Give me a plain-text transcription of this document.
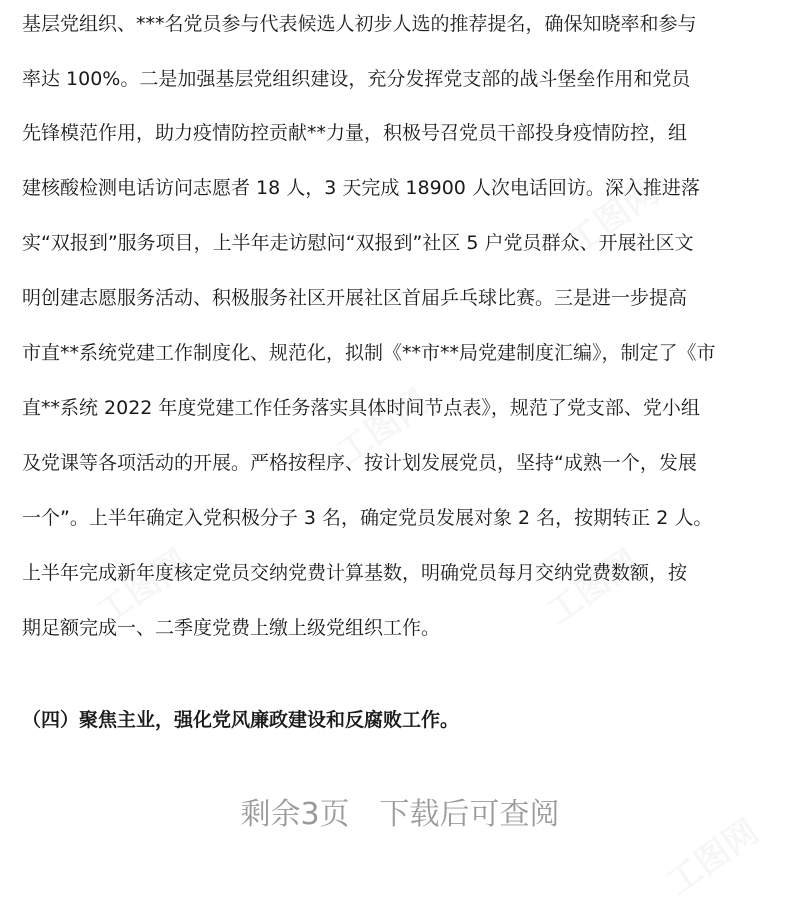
基层党组织、***名党员参与代表候选人初步人选的推荐提名，确保知晓率和参与
率达 100%。二是加强基层党组织建设，充分发挥党支部的战斗堡垒作用和党员
先锋模范作用，助力疫情防控贡献**力量，积极号召党员干部投身疫情防控，组
建核酸检测电话访问志愿者 18 人，3 天完成 18900 人次电话回访。深入推进落
实“双报到”服务项目，上半年走访慰问“双报到”社区 5 户党员群众、开展社区文
明创建志愿服务活动、积极服务社区开展社区首届乒乓球比赛。三是进一步提高
市直**系统党建工作制度化、规范化，拟制《**市**局党建制度汇编》，制定了《市
直**系统 2022 年度党建工作任务落实具体时间节点表》，规范了党支部、党小组
及党课等各项活动的开展。严格按程序、按计划发展党员，坚持“成熟一个，发展
一个”。上半年确定入党积极分子 3 名，确定党员发展对象 2 名，按期转正 2 人。
上半年完成新年度核定党员交纳党费计算基数，明确党员每月交纳党费数额，按
期足额完成一、二季度党费上缴上级党组织工作。
（四）聚焦主业，强化党风廉政建设和反腐败工作。
剩余3页　下载后可查阅
